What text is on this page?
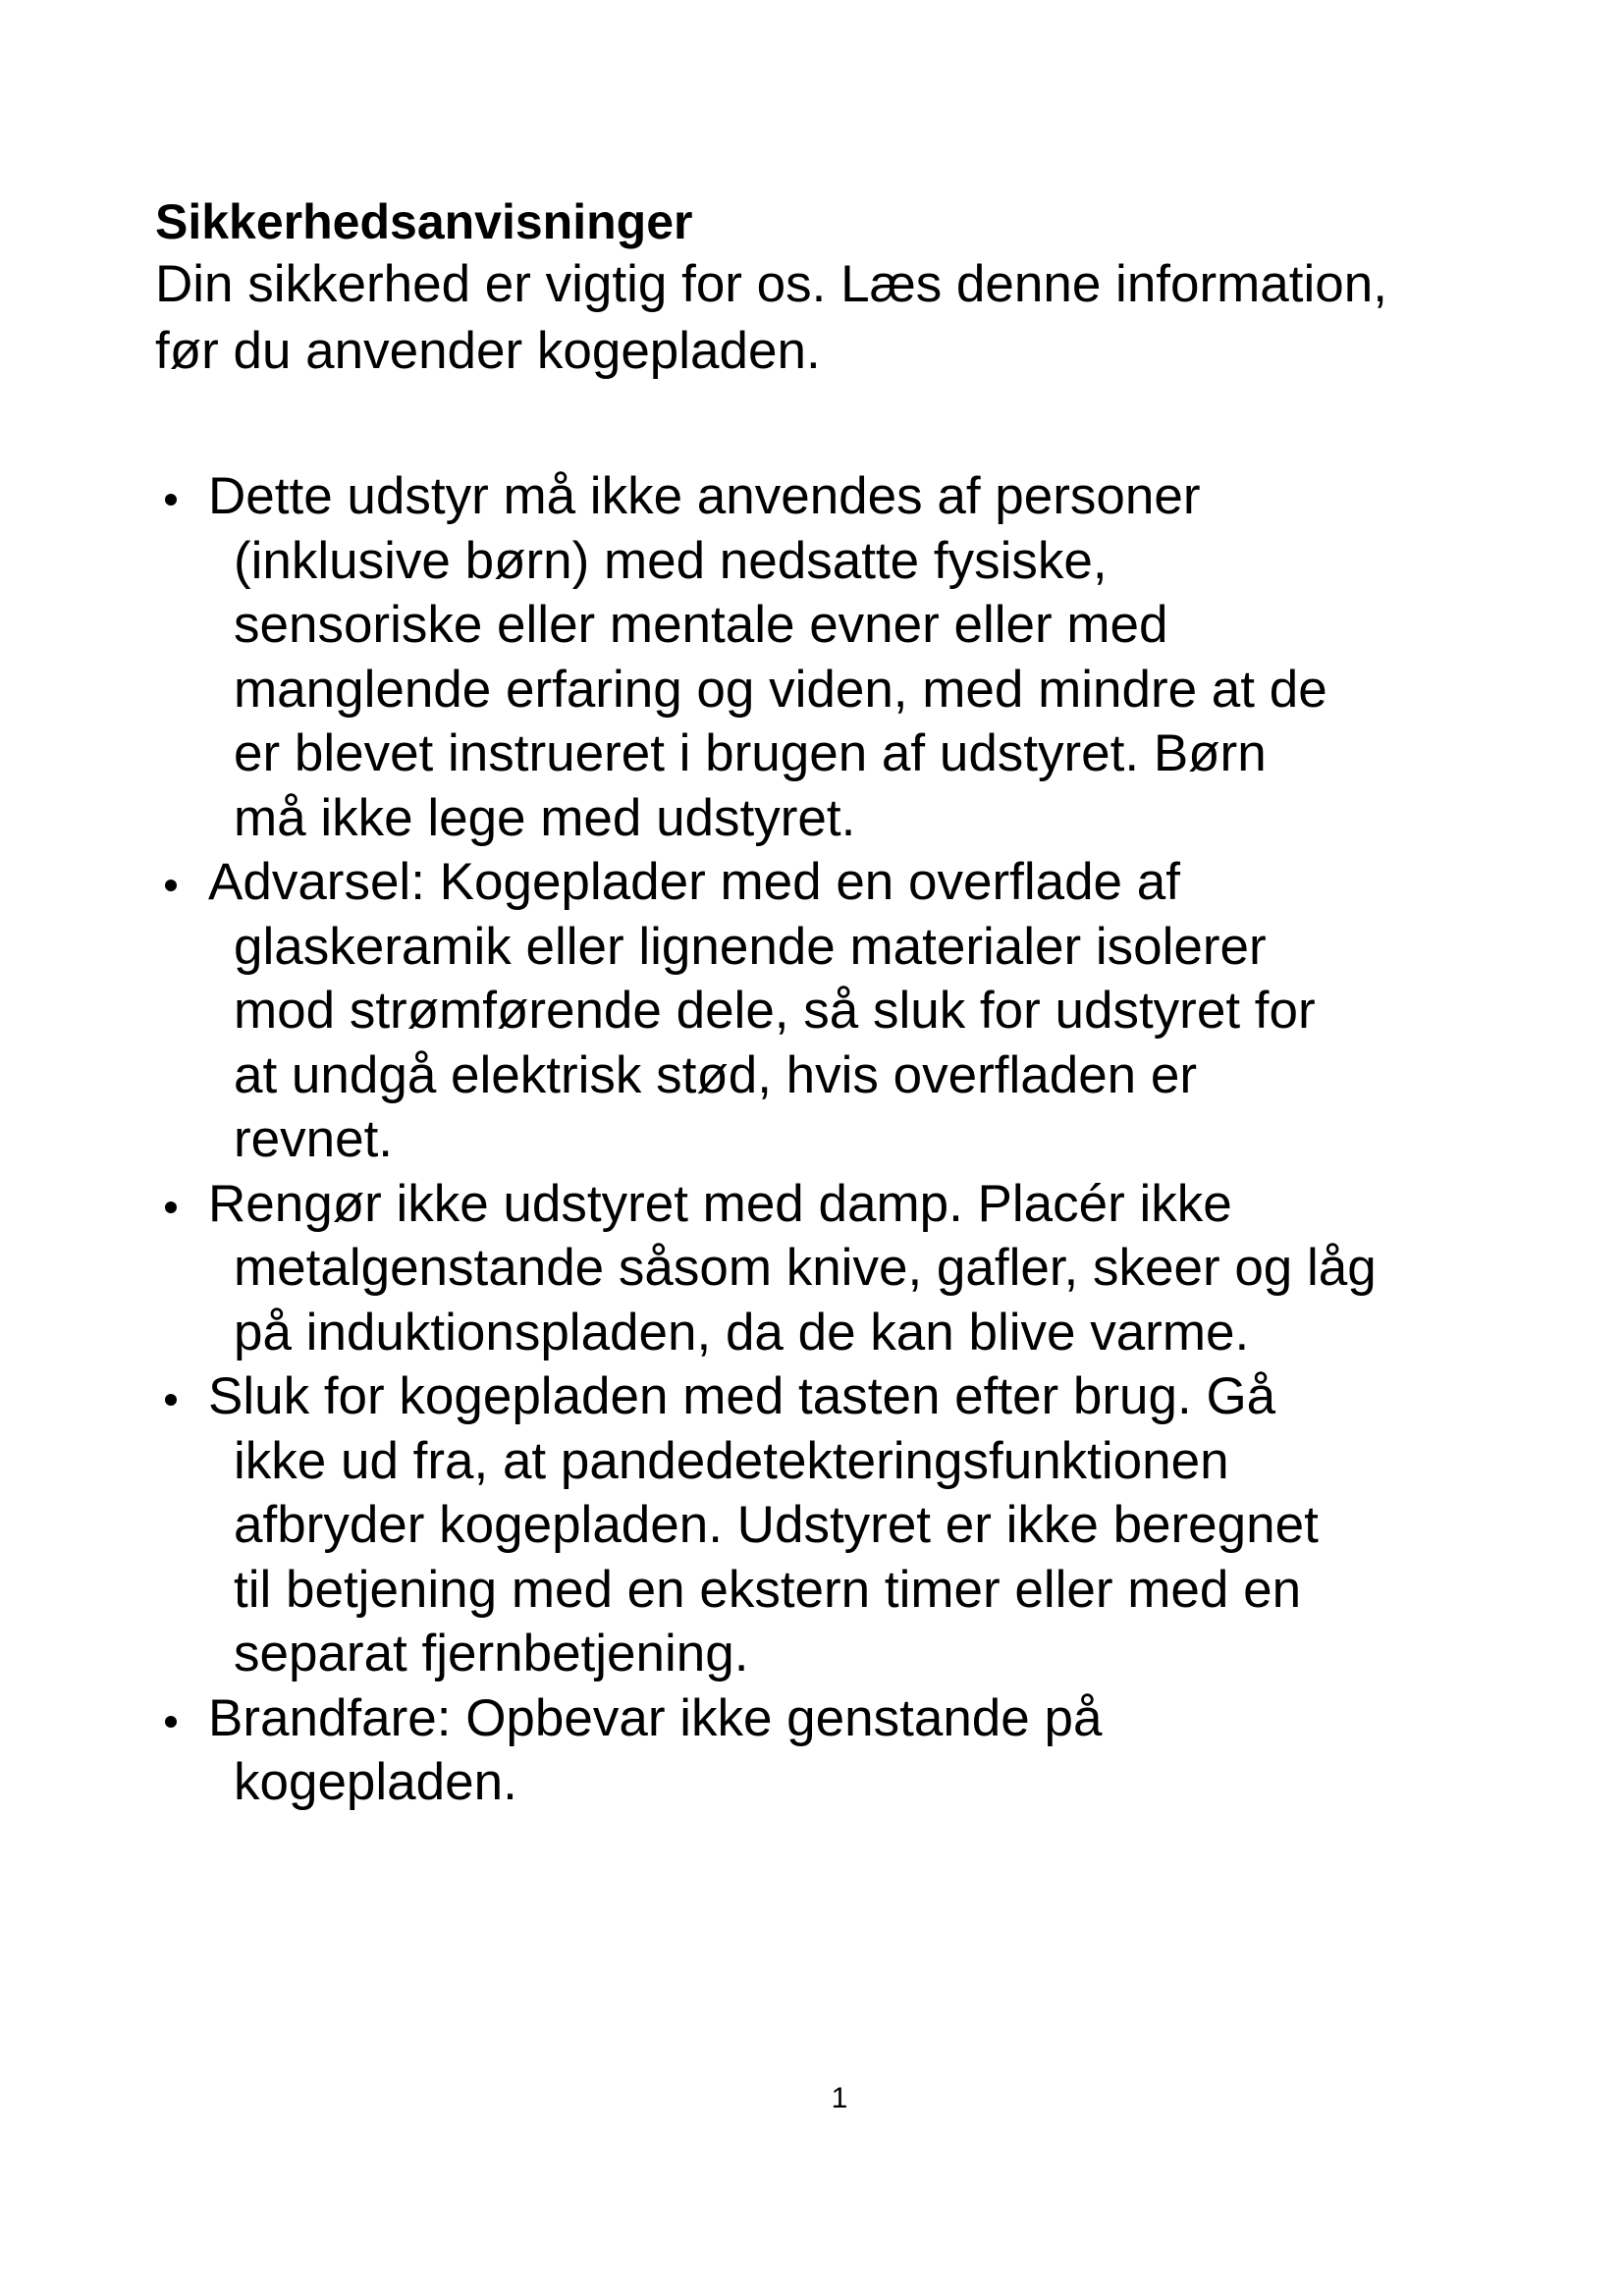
Sikkerhedsanvisninger

Din sikkerhed er vigtig for os. Læs denne information,
før du anvender kogepladen.

Dette udstyr må ikke anvendes af personer
(inklusive børn) med nedsatte fysiske,
sensoriske eller mentale evner eller med
manglende erfaring og viden, med mindre at de
er blevet instrueret i brugen af udstyret. Børn
må ikke lege med udstyret.
Advarsel: Kogeplader med en overflade af
glaskeramik eller lignende materialer isolerer
mod strømførende dele, så sluk for udstyret for
at undgå elektrisk stød, hvis overfladen er
revnet.
Rengør ikke udstyret med damp. Placér ikke
metalgenstande såsom knive, gafler, skeer og låg
på induktionspladen, da de kan blive varme.
Sluk for kogepladen med tasten efter brug. Gå
ikke ud fra, at pandedetekteringsfunktionen
afbryder kogepladen. Udstyret er ikke beregnet
til betjening med en ekstern timer eller med en
separat fjernbetjening.
Brandfare: Opbevar ikke genstande på
kogepladen.
1
